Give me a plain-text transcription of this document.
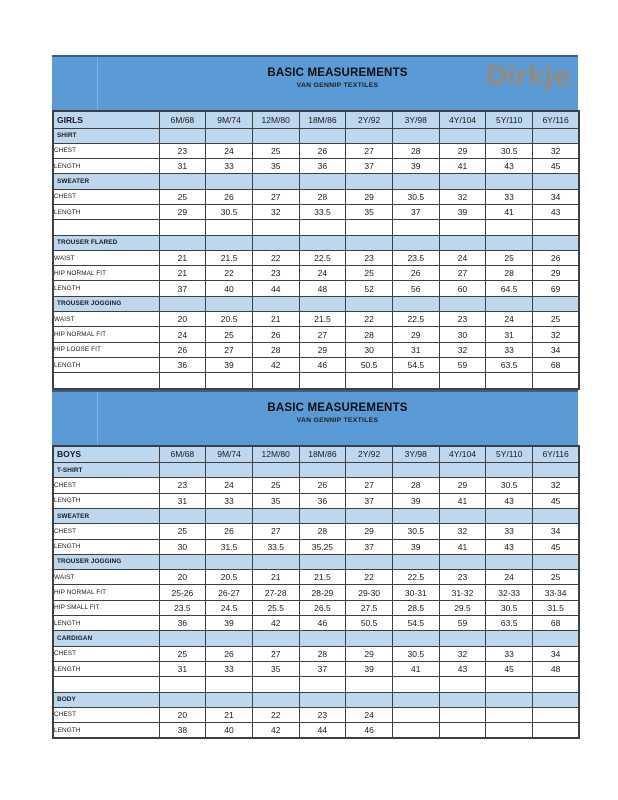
BASIC MEASUREMENTS
VAN GENNIP TEXTILES	Dirkje
GIRLS	6M/68	9M/74	12M/80	18M/86	2Y/92	3Y/98	4Y/104	5Y/110	6Y/116
SHIRT									
CHEST	23	24	25	26	27	28	29	30.5	32
LENGTH	31	33	35	36	37	39	41	43	45
SWEATER									
CHEST	25	26	27	28	29	30.5	32	33	34
LENGTH	29	30.5	32	33.5	35	37	39	41	43

TROUSER FLARED									
WAIST	21	21.5	22	22.5	23	23.5	24	25	26
HIP NORMAL FIT	21	22	23	24	25	26	27	28	29
LENGTH	37	40	44	48	52	56	60	64.5	69
TROUSER JOGGING									
WAIST	20	20.5	21	21.5	22	22.5	23	24	25
HIP NORMAL FIT	24	25	26	27	28	29	30	31	32
HIP LOOSE FIT	26	27	28	29	30	31	32	33	34
LENGTH	36	39	42	46	50.5	54.5	59	63.5	68

BASIC MEASUREMENTS
VAN GENNIP TEXTILES
BOYS	6M/68	9M/74	12M/80	18M/86	2Y/92	3Y/98	4Y/104	5Y/110	6Y/116
T-SHIRT									
CHEST	23	24	25	26	27	28	29	30.5	32
LENGTH	31	33	35	36	37	39	41	43	45
SWEATER									
CHEST	25	26	27	28	29	30.5	32	33	34
LENGTH	30	31.5	33.5	35.25	37	39	41	43	45
TROUSER JOGGING									
WAIST	20	20.5	21	21.5	22	22.5	23	24	25
HIP NORMAL FIT	25-26	26-27	27-28	28-29	29-30	30-31	31-32	32-33	33-34
HIP SMALL FIT	23.5	24.5	25.5	26.5	27.5	28.5	29.5	30.5	31.5
LENGTH	36	39	42	46	50.5	54.5	59	63.5	68
CARDIGAN									
CHEST	25	26	27	28	29	30.5	32	33	34
LENGTH	31	33	35	37	39	41	43	45	48

BODY									
CHEST	20	21	22	23	24				
LENGTH	38	40	42	44	46				
